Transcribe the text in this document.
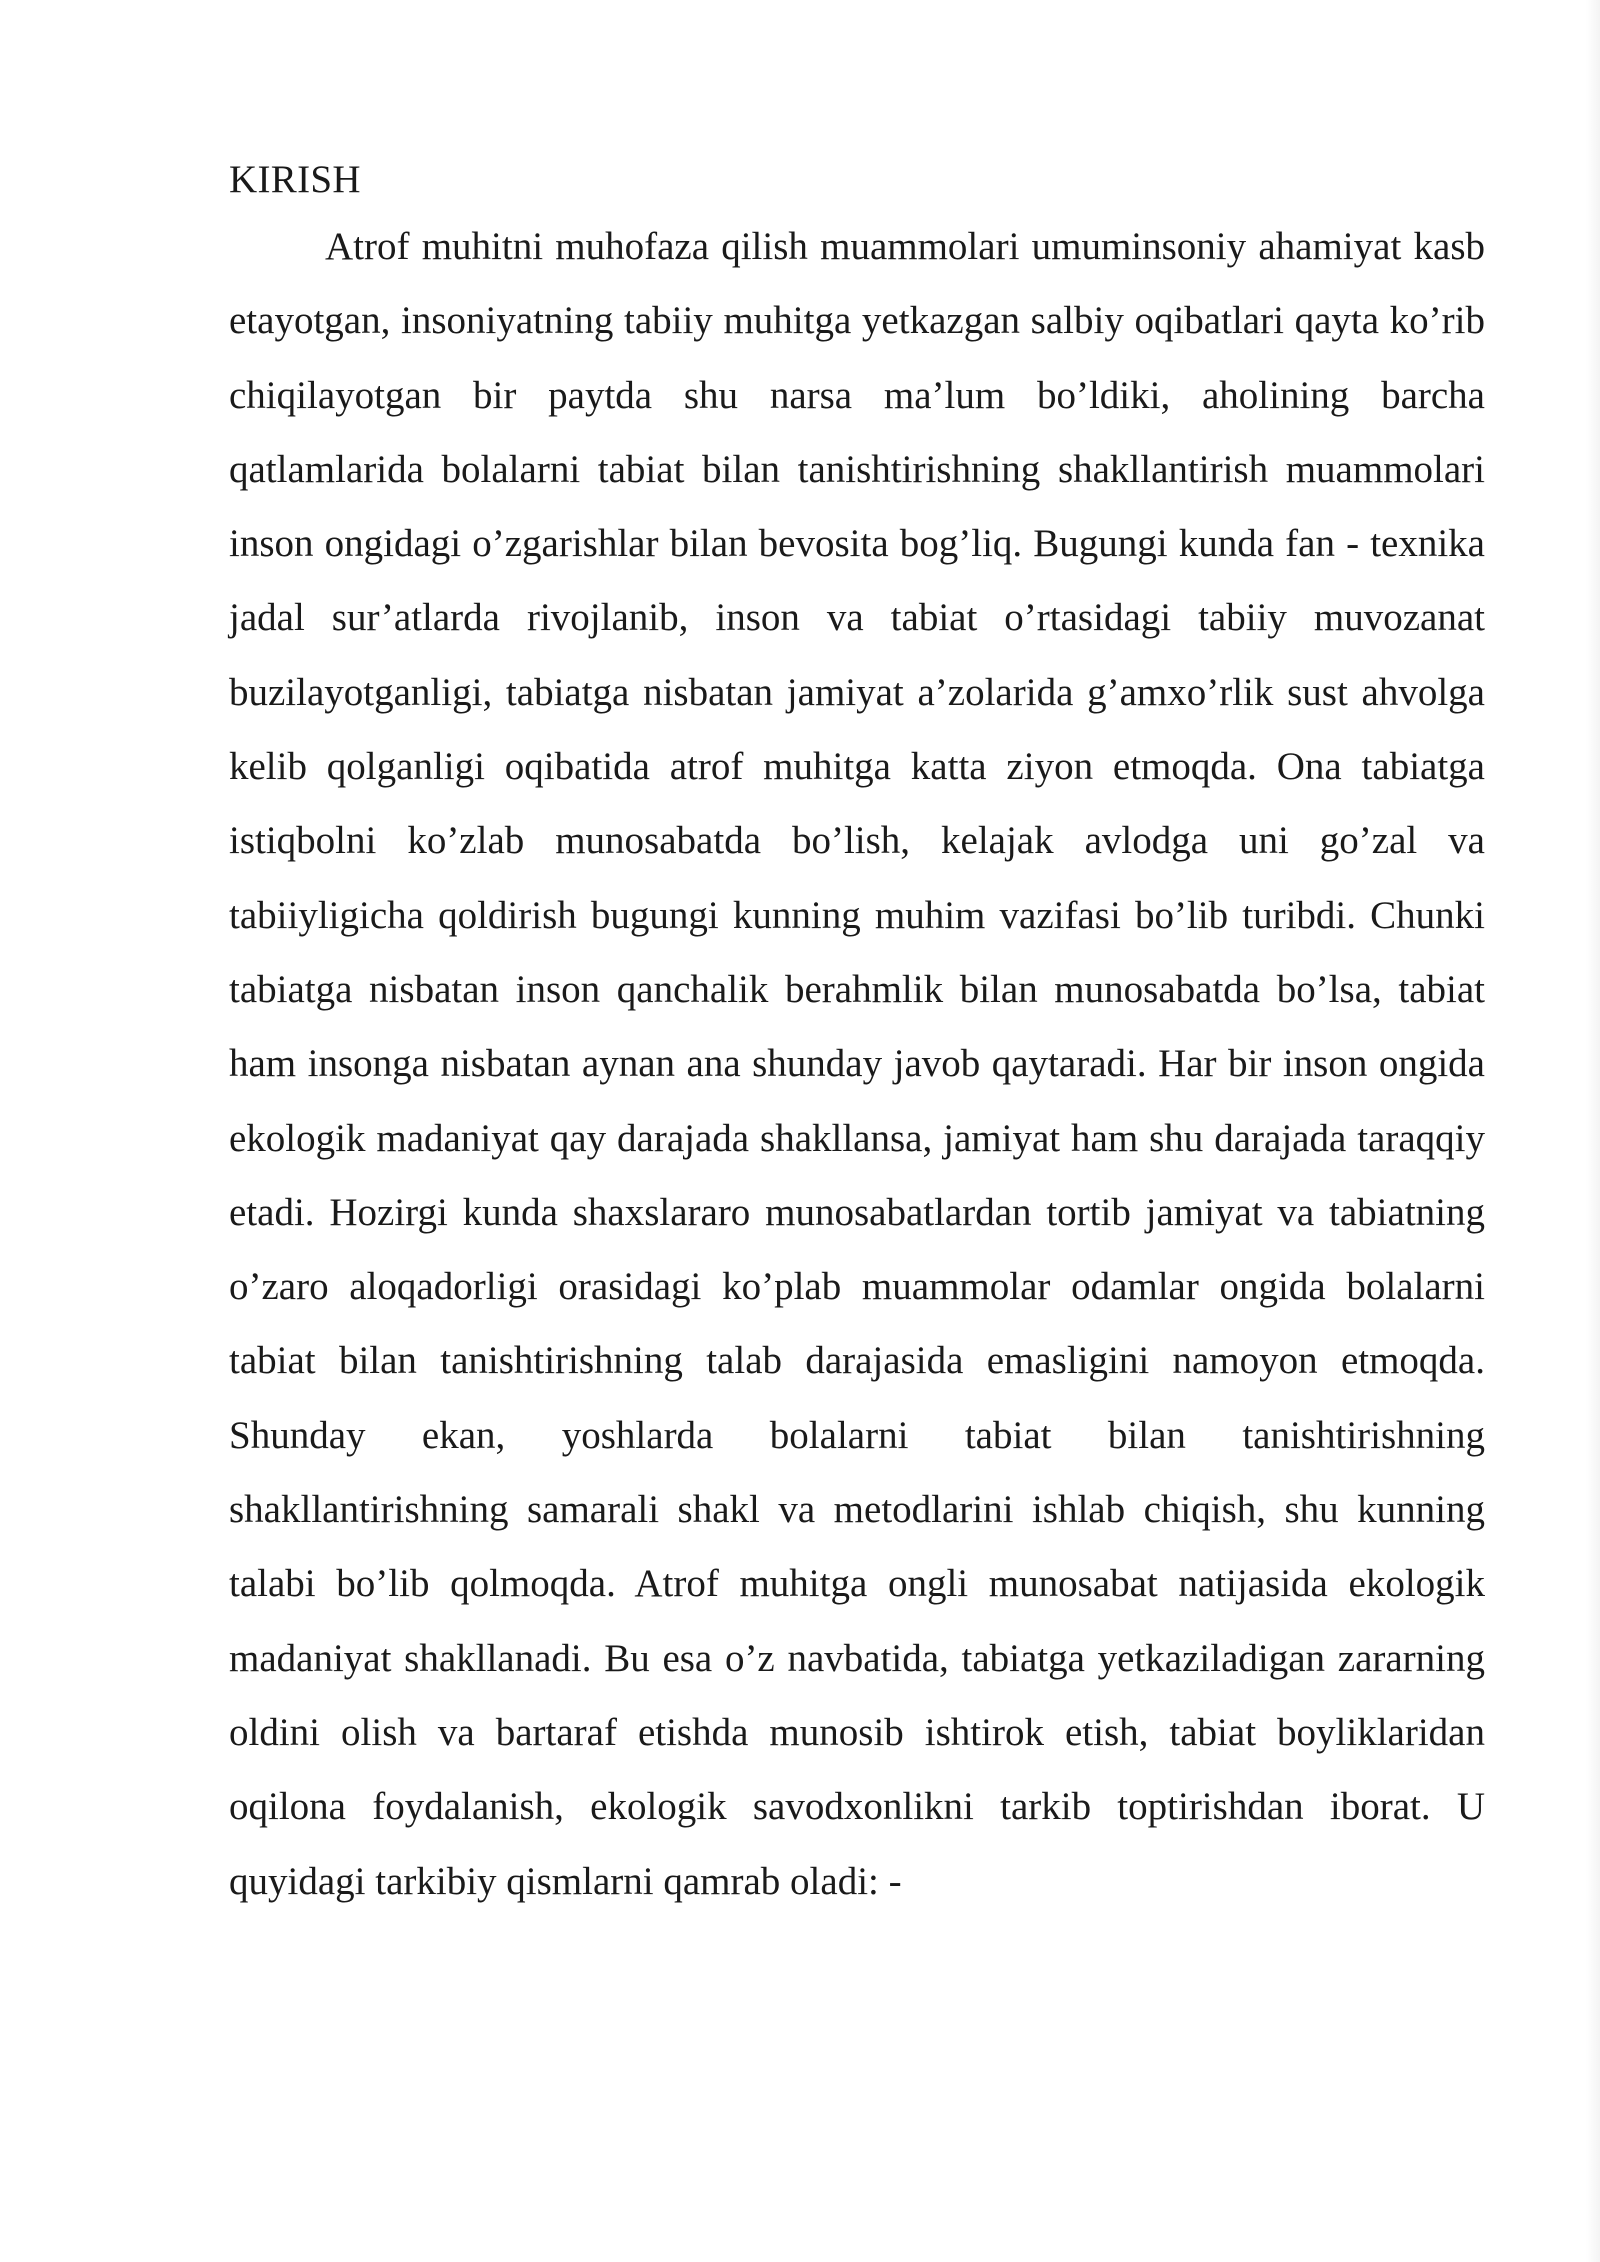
KIRISH

Atrof muhitni muhofaza qilish muammolari umuminsoniy ahamiyat kasb etayotgan, insoniyatning tabiiy muhitga yetkazgan salbiy oqibatlari qayta ko’rib chiqilayotgan bir paytda shu narsa ma’lum bo’ldiki, aholining barcha qatlamlarida bolalarni tabiat bilan tanishtirishning shakllantirish muammolari inson ongidagi o’zgarishlar bilan bevosita bog’liq. Bugungi kunda fan - texnika jadal sur’atlarda rivojlanib, inson va tabiat o’rtasidagi tabiiy muvozanat buzilayotganligi, tabiatga nisbatan jamiyat a’zolarida g’amxo’rlik sust ahvolga kelib qolganligi oqibatida atrof muhitga katta ziyon etmoqda. Ona tabiatga istiqbolni ko’zlab munosabatda bo’lish, kelajak avlodga uni go’zal va tabiiyligicha qoldirish bugungi kunning muhim vazifasi bo’lib turibdi. Chunki tabiatga nisbatan inson qanchalik berahmlik bilan munosabatda bo’lsa, tabiat ham insonga nisbatan aynan ana shunday javob qaytaradi. Har bir inson ongida ekologik madaniyat qay darajada shakllansa, jamiyat ham shu darajada taraqqiy etadi. Hozirgi kunda shaxslararo munosabatlardan tortib jamiyat va tabiatning o’zaro aloqadorligi orasidagi ko’plab muammolar odamlar ongida bolalarni tabiat bilan tanishtirishning talab darajasida emasligini namoyon etmoqda. Shunday ekan, yoshlarda bolalarni tabiat bilan tanishtirishning shakllantirishning samarali shakl va metodlarini ishlab chiqish, shu kunning talabi bo’lib qolmoqda. Atrof muhitga ongli munosabat natijasida ekologik madaniyat shakllanadi. Bu esa o’z navbatida, tabiatga yetkaziladigan zararning oldini olish va bartaraf etishda munosib ishtirok etish, tabiat boyliklaridan oqilona foydalanish, ekologik savodxonlikni tarkib toptirishdan iborat. U quyidagi tarkibiy qismlarni qamrab oladi: -
